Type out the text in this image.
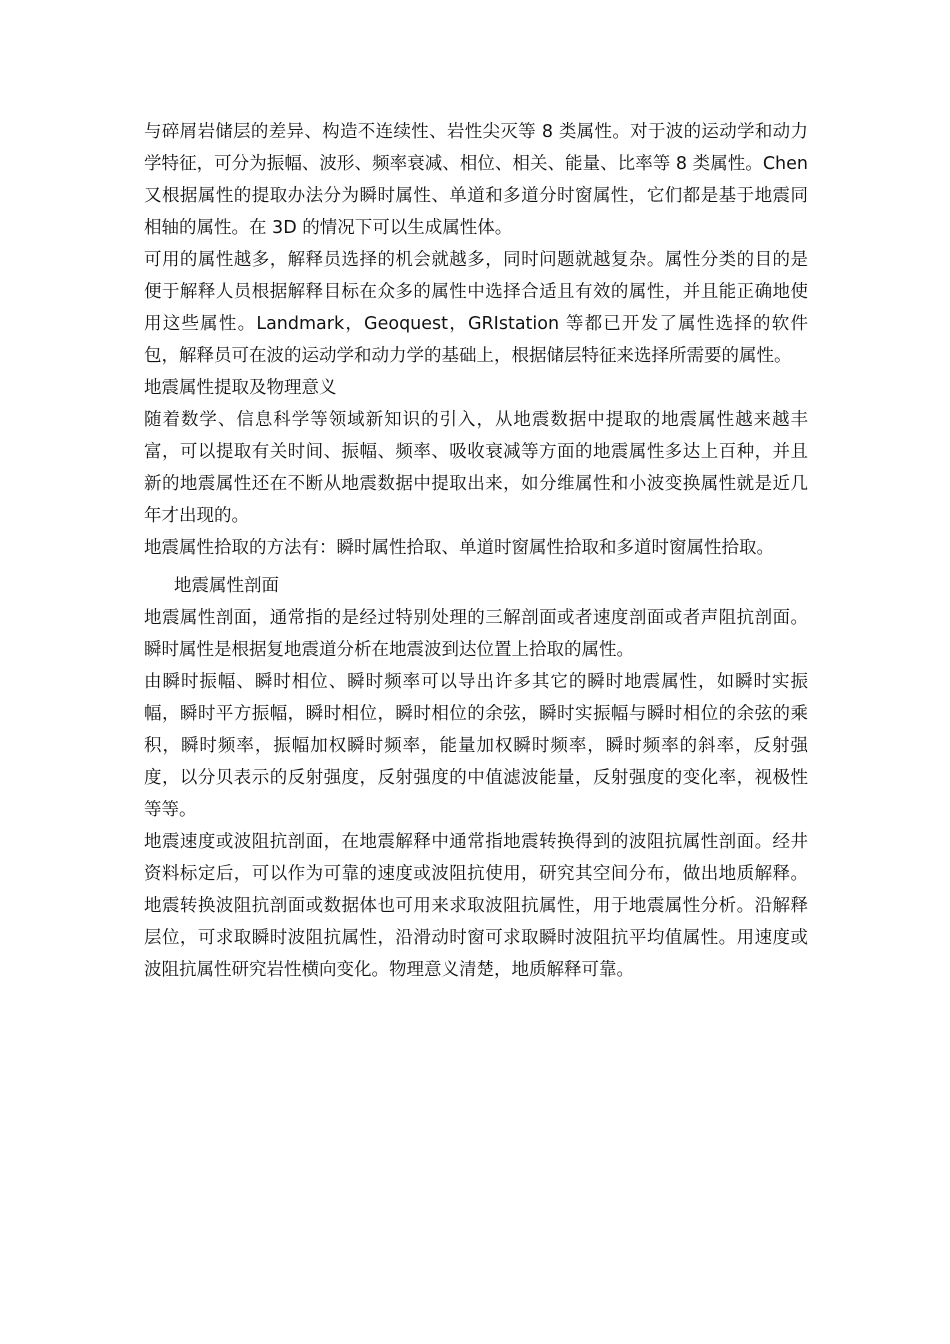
与碎屑岩储层的差异、构造不连续性、岩性尖灭等 8 类属性。对于波的运动学和动力学特征，可分为振幅、波形、频率衰减、相位、相关、能量、比率等 8 类属性。Chen 又根据属性的提取办法分为瞬时属性、单道和多道分时窗属性，它们都是基于地震同相轴的属性。在 3D 的情况下可以生成属性体。

可用的属性越多，解释员选择的机会就越多，同时问题就越复杂。属性分类的目的是便于解释人员根据解释目标在众多的属性中选择合适且有效的属性，并且能正确地使用这些属性。Landmark，Geoquest，GRIstation 等都已开发了属性选择的软件包，解释员可在波的运动学和动力学的基础上，根据储层特征来选择所需要的属性。

地震属性提取及物理意义

随着数学、信息科学等领域新知识的引入，从地震数据中提取的地震属性越来越丰富，可以提取有关时间、振幅、频率、吸收衰减等方面的地震属性多达上百种，并且新的地震属性还在不断从地震数据中提取出来，如分维属性和小波变换属性就是近几年才出现的。

地震属性拾取的方法有：瞬时属性拾取、单道时窗属性拾取和多道时窗属性拾取。

地震属性剖面

地震属性剖面，通常指的是经过特别处理的三解剖面或者速度剖面或者声阻抗剖面。瞬时属性是根据复地震道分析在地震波到达位置上拾取的属性。

由瞬时振幅、瞬时相位、瞬时频率可以导出许多其它的瞬时地震属性，如瞬时实振幅，瞬时平方振幅，瞬时相位，瞬时相位的余弦，瞬时实振幅与瞬时相位的余弦的乘积，瞬时频率，振幅加权瞬时频率，能量加权瞬时频率，瞬时频率的斜率，反射强度，以分贝表示的反射强度，反射强度的中值滤波能量，反射强度的变化率，视极性等等。

地震速度或波阻抗剖面，在地震解释中通常指地震转换得到的波阻抗属性剖面。经井资料标定后，可以作为可靠的速度或波阻抗使用，研究其空间分布，做出地质解释。地震转换波阻抗剖面或数据体也可用来求取波阻抗属性，用于地震属性分析。沿解释层位，可求取瞬时波阻抗属性，沿滑动时窗可求取瞬时波阻抗平均值属性。用速度或波阻抗属性研究岩性横向变化。物理意义清楚，地质解释可靠。
